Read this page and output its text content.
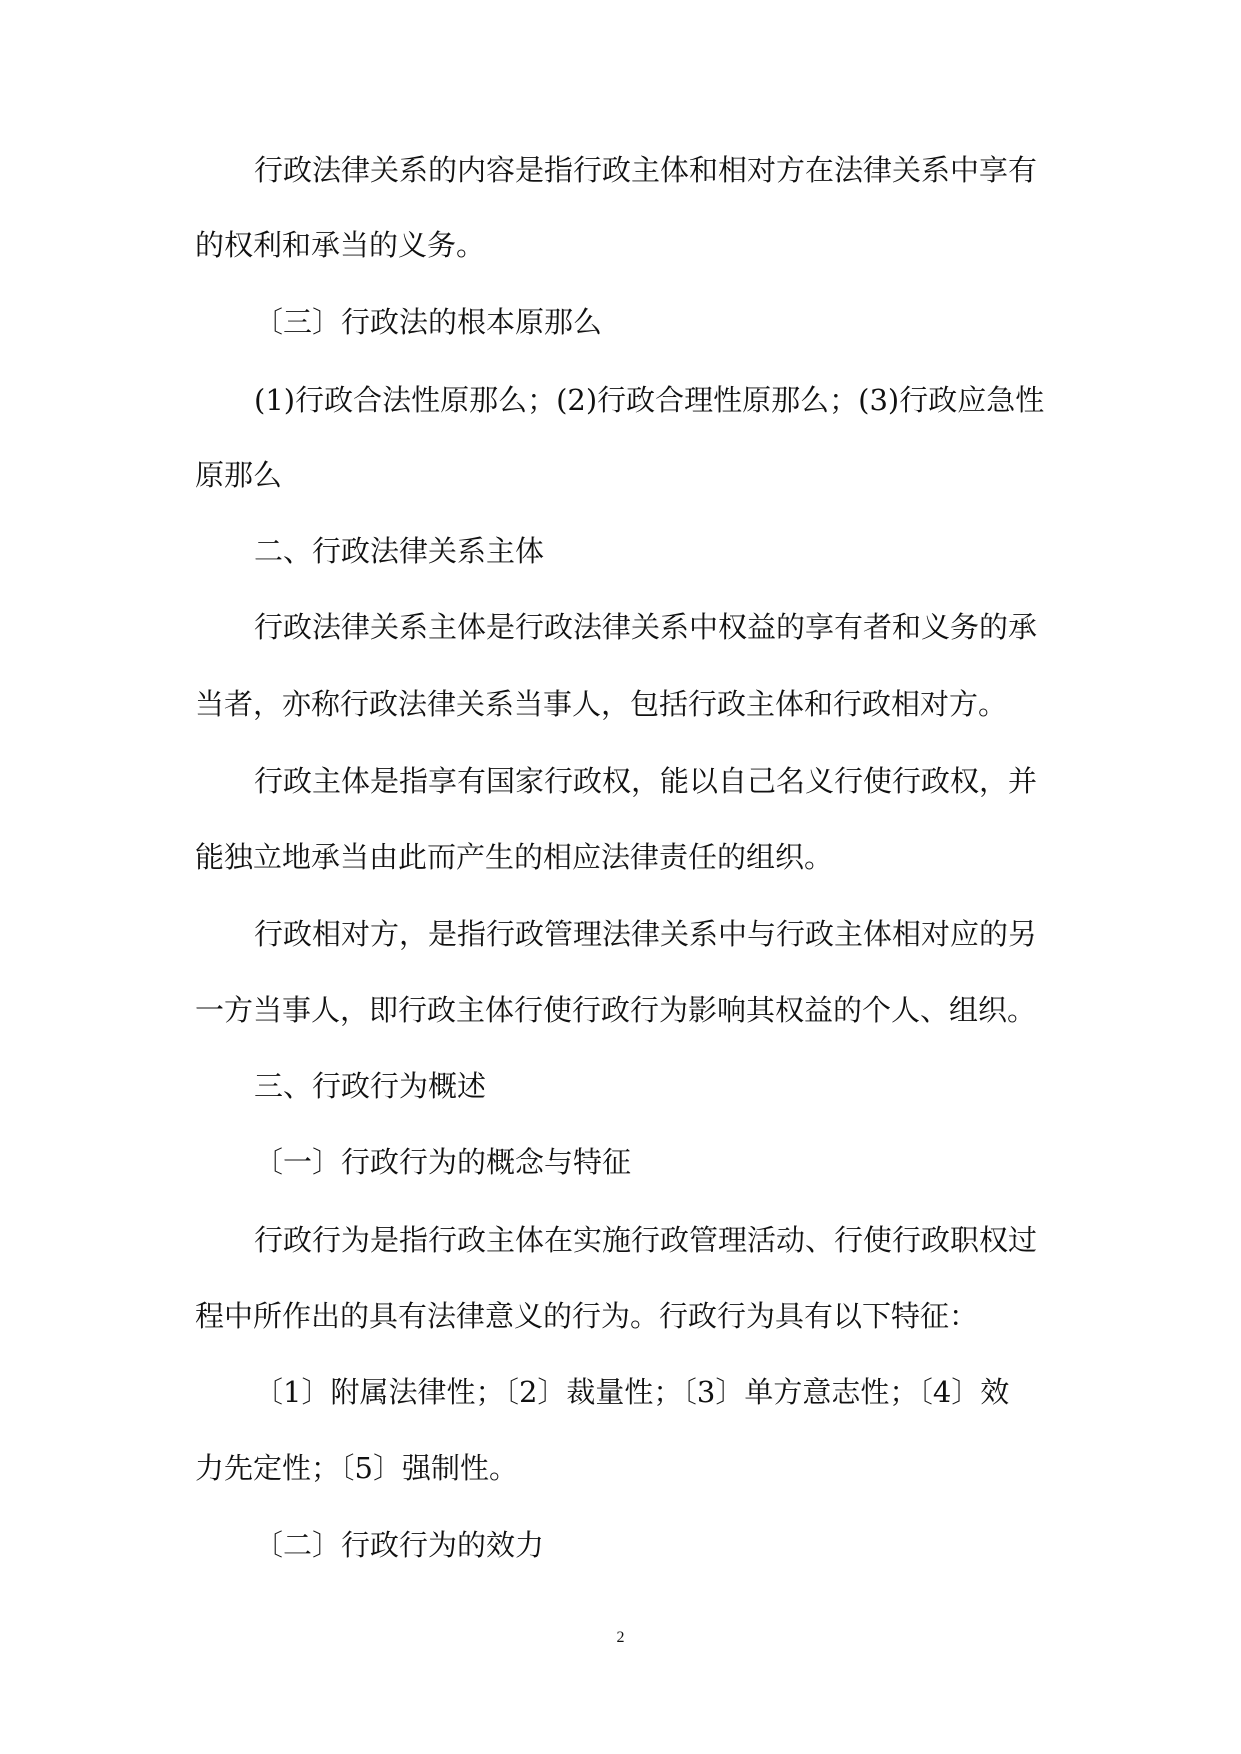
行政法律关系的内容是指行政主体和相对方在法律关系中享有
的权利和承当的义务。
〔三〕行政法的根本原那么
(1)行政合法性原那么；(2)行政合理性原那么；(3)行政应急性
原那么
二、行政法律关系主体
行政法律关系主体是行政法律关系中权益的享有者和义务的承
当者，亦称行政法律关系当事人，包括行政主体和行政相对方。
行政主体是指享有国家行政权，能以自己名义行使行政权，并
能独立地承当由此而产生的相应法律责任的组织。
行政相对方，是指行政管理法律关系中与行政主体相对应的另
一方当事人，即行政主体行使行政行为影响其权益的个人、组织。
三、行政行为概述
〔一〕行政行为的概念与特征
行政行为是指行政主体在实施行政管理活动、行使行政职权过
程中所作出的具有法律意义的行为。行政行为具有以下特征：
〔1〕附属法律性；〔2〕裁量性；〔3〕单方意志性；〔4〕效
力先定性；〔5〕强制性。
〔二〕行政行为的效力
2
